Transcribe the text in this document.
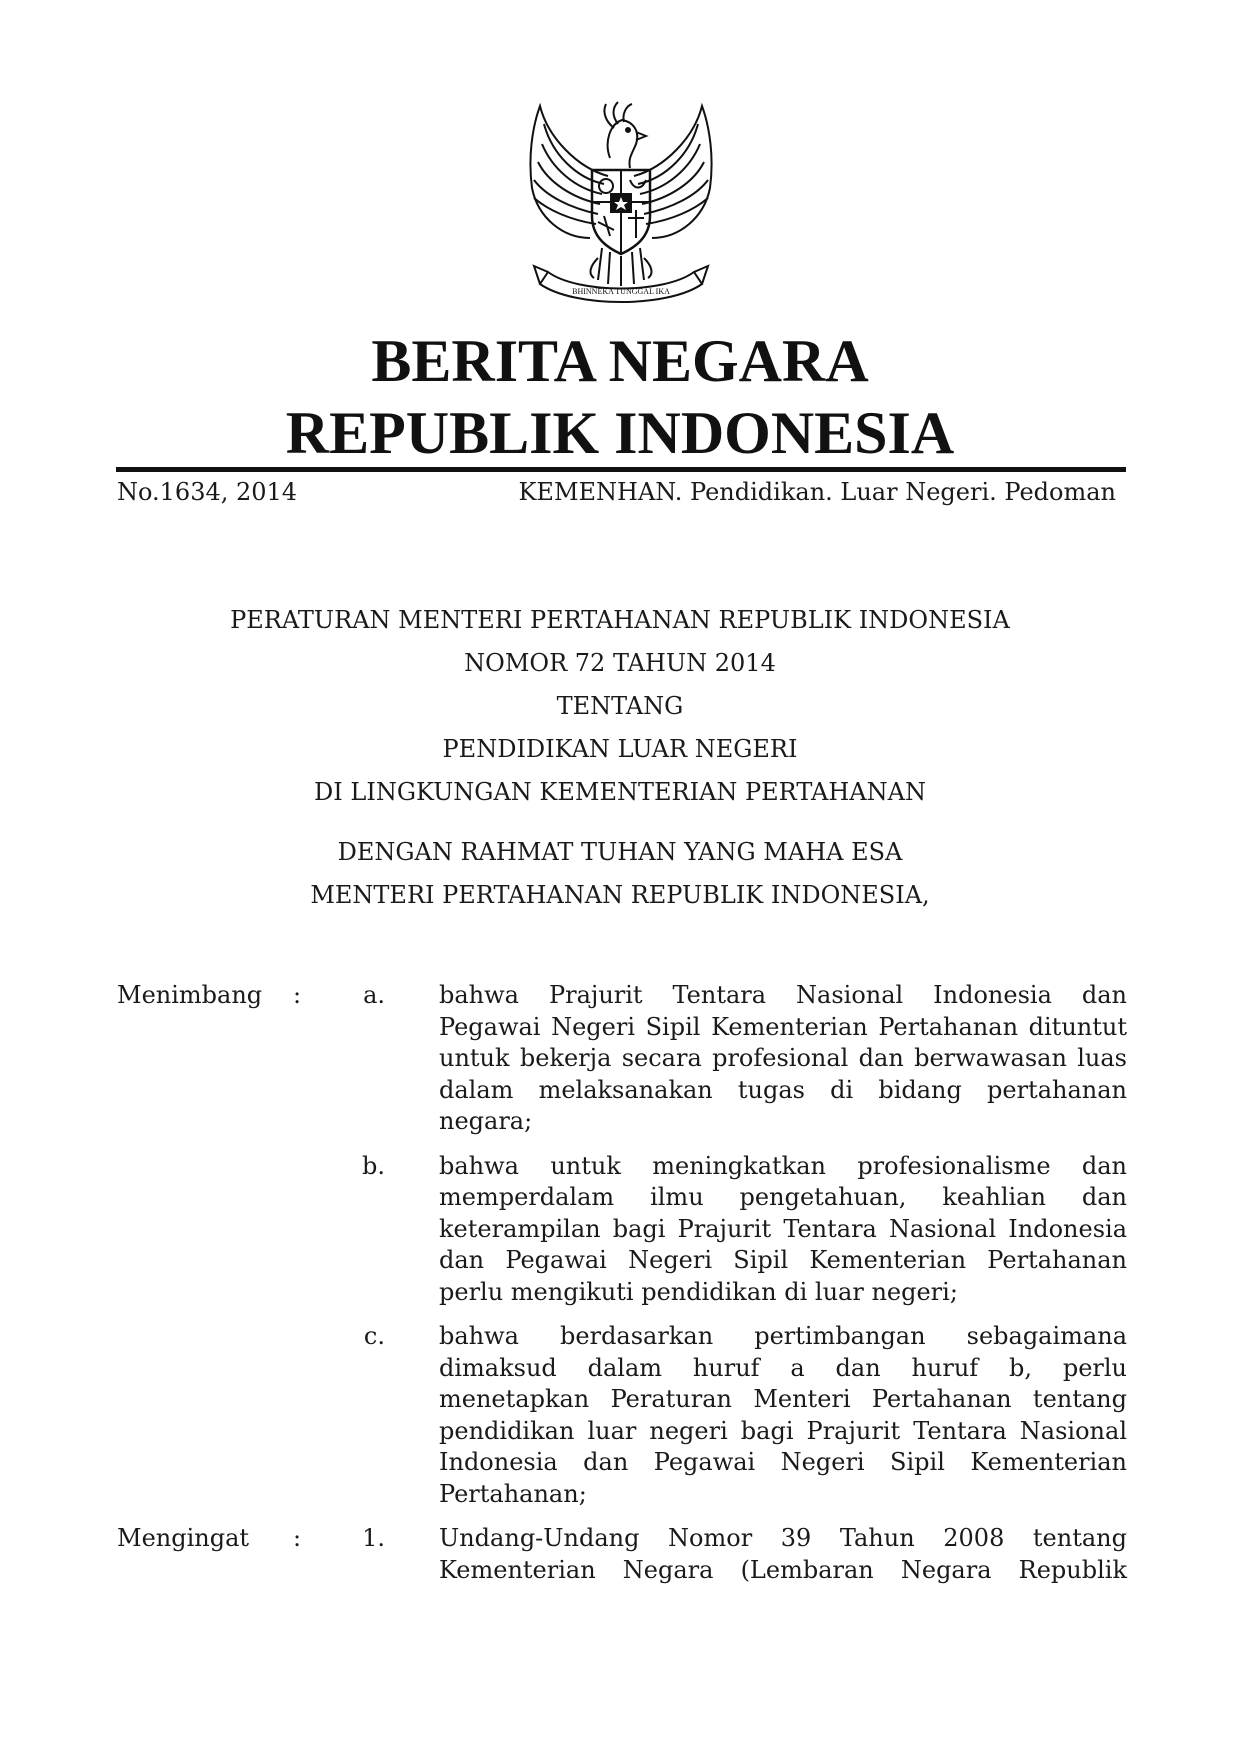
BHINNEKA TUNGGAL IKA
BERITA NEGARA
REPUBLIK INDONESIA
No.1634, 2014	KEMENHAN. Pendidikan. Luar Negeri. Pedoman
PERATURAN MENTERI PERTAHANAN REPUBLIK INDONESIA
NOMOR 72 TAHUN 2014
TENTANG
PENDIDIKAN LUAR NEGERI
DI LINGKUNGAN KEMENTERIAN PERTAHANAN
DENGAN RAHMAT TUHAN YANG MAHA ESA
MENTERI PERTAHANAN REPUBLIK INDONESIA,
Menimbang	:	a. bahwa Prajurit Tentara Nasional Indonesia dan
Pegawai Negeri Sipil Kementerian Pertahanan dituntut
untuk bekerja secara profesional dan berwawasan luas
dalam melaksanakan tugas di bidang pertahanan
negara;
b. bahwa untuk meningkatkan profesionalisme dan
memperdalam ilmu pengetahuan, keahlian dan
keterampilan bagi Prajurit Tentara Nasional Indonesia
dan Pegawai Negeri Sipil Kementerian Pertahanan
perlu mengikuti pendidikan di luar negeri;
c. bahwa berdasarkan pertimbangan sebagaimana
dimaksud dalam huruf a dan huruf b, perlu
menetapkan Peraturan Menteri Pertahanan tentang
pendidikan luar negeri bagi Prajurit Tentara Nasional
Indonesia dan Pegawai Negeri Sipil Kementerian
Pertahanan;
Mengingat	:	1. Undang-Undang Nomor 39 Tahun 2008 tentang
Kementerian Negara (Lembaran Negara Republik
